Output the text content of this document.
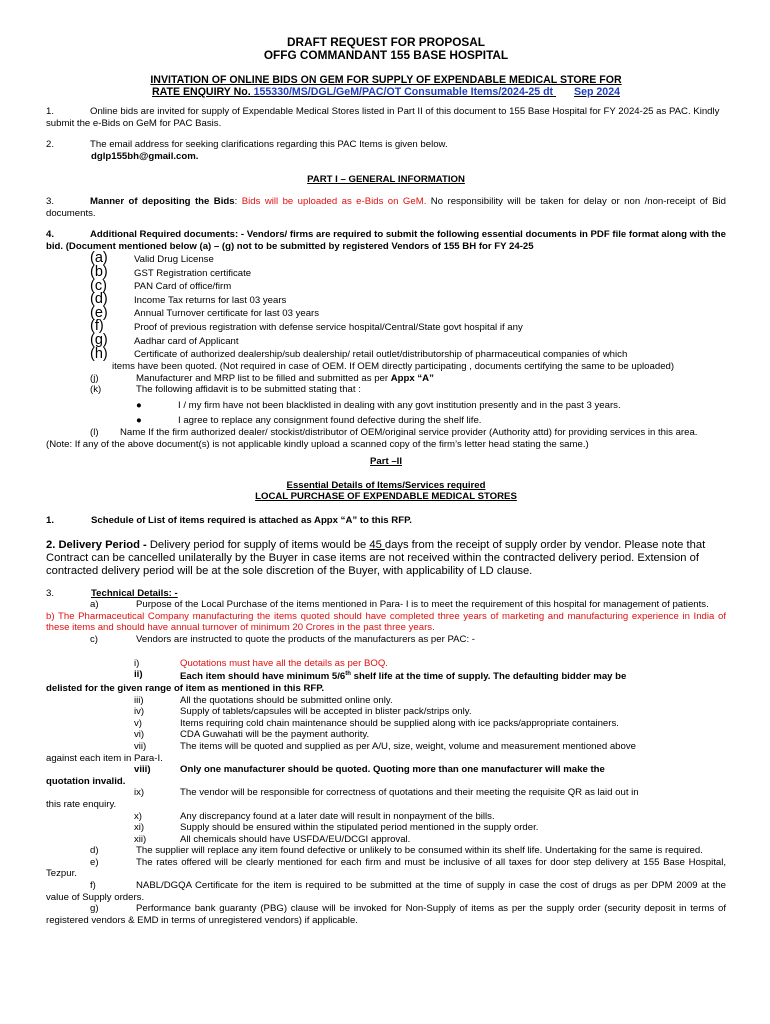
DRAFT REQUEST FOR PROPOSAL
OFFG COMMANDANT 155 BASE HOSPITAL
INVITATION OF ONLINE BIDS ON GEM FOR SUPPLY OF EXPENDABLE MEDICAL STORE FOR
RATE ENQUIRY No. 155330/MS/DGL/GeM/PAC/OT Consumable Items/2024-25 dt Sep 2024

1.	Online bids are invited for supply of Expendable Medical Stores listed in Part II of this document to 155 Base Hospital for FY 2024-25 as PAC. Kindly submit the e-Bids on GeM for PAC Basis.

2.	The email address for seeking clarifications regarding this PAC Items is given below.

dglp155bh@gmail.com.

PART I – GENERAL INFORMATION
3.	Manner of depositing the Bids: Bids will be uploaded as e-Bids on GeM. No responsibility will be taken for delay or non /non-receipt of Bid documents.
4.	Additional Required documents: - Vendors/ firms are required to submit the following essential documents in PDF file format along with the bid. (Document mentioned below (a) – (g) not to be submitted by registered Vendors of 155 BH for FY 24-25
(a)	Valid Drug License
(b)	GST Registration certificate
(c)	PAN Card of office/firm
(d)	Income Tax returns for last 03 years
(e)	Annual Turnover certificate for last 03 years
(f)	Proof of previous registration with defense service hospital/Central/State govt hospital if any
(g)	Aadhar card of Applicant
(h)	Certificate of authorized dealership/sub dealership/ retail outlet/distributorship of pharmaceutical companies of which
items have been quoted. (Not required in case of OEM. If OEM directly participating , documents certifying the same to be uploaded)
(j)	Manufacturer and MRP list to be filled and submitted as per Appx “A”
(k)	The following affidavit is to be submitted stating that :
●	I / my firm have not been blacklisted in dealing with any govt institution presently and in the past 3 years.
●	I agree to replace any consignment found defective during the shelf life.
(l) Name If the firm authorized dealer/ stockist/distributor of OEM/original service provider (Authority attd) for providing services in this area.
(Note: If any of the above document(s) is not applicable kindly upload a scanned copy of the firm’s letter head stating the same.)
Part –II
Essential Details of Items/Services required
LOCAL PURCHASE OF EXPENDABLE MEDICAL STORES
1.	Schedule of List of items required is attached as Appx “A” to this RFP.
2. Delivery Period - Delivery period for supply of items would be 45 days from the receipt of supply order by vendor. Please note that Contract can be cancelled unilaterally by the Buyer in case items are not received within the contracted delivery period. Extension of contracted delivery period will be at the sole discretion of the Buyer, with applicability of LD clause.
3.	Technical Details: -
a)	Purpose of the Local Purchase of the items mentioned in Para- I is to meet the requirement of this hospital for management of patients.
b) The Pharmaceutical Company manufacturing the items quoted should have completed three years of marketing and manufacturing experience in India of these items and should have annual turnover of minimum 20 Crores in the past three years.
c)	Vendors are instructed to quote the products of the manufacturers as per PAC: -
i)	Quotations must have all the details as per BOQ.
ii)	Each item should have minimum 5/6th shelf life at the time of supply. The defaulting bidder may be
delisted for the given range of item as mentioned in this RFP.
iii)	All the quotations should be submitted online only.
iv)	Supply of tablets/capsules will be accepted in blister pack/strips only.
v)	Items requiring cold chain maintenance should be supplied along with ice packs/appropriate containers.
vi)	CDA Guwahati will be the payment authority.
vii)	The items will be quoted and supplied as per A/U, size, weight, volume and measurement mentioned above
against each item in Para-I.
viii)	Only one manufacturer should be quoted. Quoting more than one manufacturer will make the
quotation invalid.
ix)	The vendor will be responsible for correctness of quotations and their meeting the requisite QR as laid out in
this rate enquiry.
x)	Any discrepancy found at a later date will result in nonpayment of the bills.
xi)	Supply should be ensured within the stipulated period mentioned in the supply order.
xii)	All chemicals should have USFDA/EU/DCGI approval.
d)	The supplier will replace any item found defective or unlikely to be consumed within its shelf life. Undertaking for the same is required.
e)	The rates offered will be clearly mentioned for each firm and must be inclusive of all taxes for door step delivery at 155 Base Hospital, Tezpur.
f)	NABL/DGQA Certificate for the item is required to be submitted at the time of supply in case the cost of drugs as per DPM 2009 at the value of Supply orders.
g)	Performance bank guaranty (PBG) clause will be invoked for Non-Supply of items as per the supply order (security deposit in terms of registered vendors & EMD in terms of unregistered vendors) if applicable.
